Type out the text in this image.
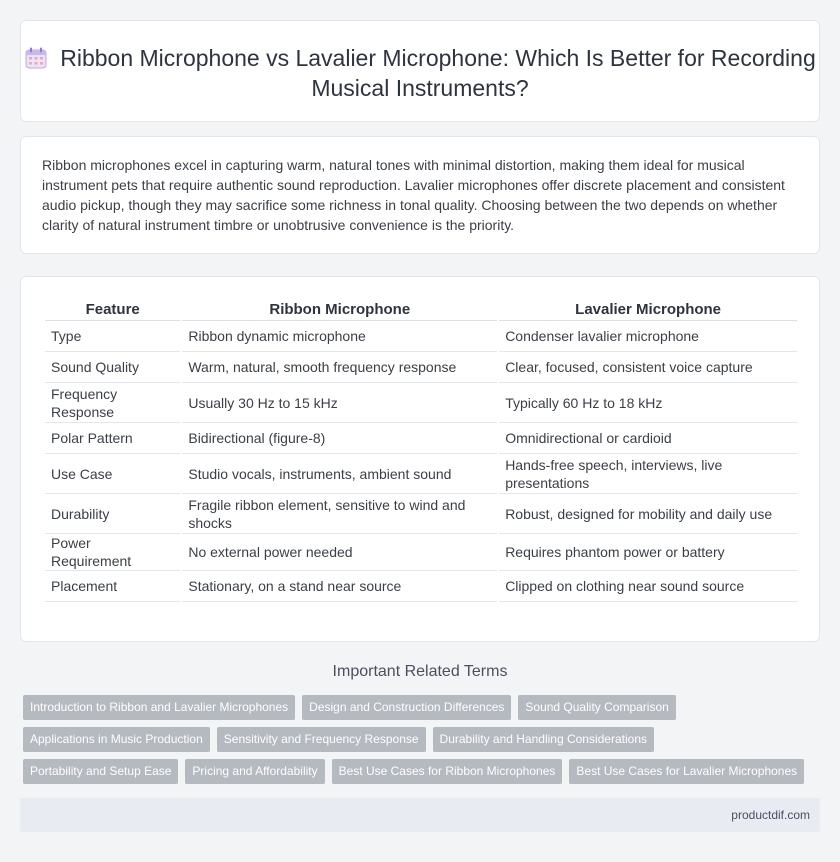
Ribbon Microphone vs Lavalier Microphone: Which Is Better for Recording Musical Instruments?

Ribbon microphones excel in capturing warm, natural tones with minimal distortion, making them ideal for musical instrument pets that require authentic sound reproduction. Lavalier microphones offer discrete placement and consistent audio pickup, though they may sacrifice some richness in tonal quality. Choosing between the two depends on whether clarity of natural instrument timbre or unobtrusive convenience is the priority.

Feature	Ribbon Microphone	Lavalier Microphone
Type	Ribbon dynamic microphone	Condenser lavalier microphone
Sound Quality	Warm, natural, smooth frequency response	Clear, focused, consistent voice capture
Frequency Response	Usually 30 Hz to 15 kHz	Typically 60 Hz to 18 kHz
Polar Pattern	Bidirectional (figure-8)	Omnidirectional or cardioid
Use Case	Studio vocals, instruments, ambient sound	Hands-free speech, interviews, live presentations
Durability	Fragile ribbon element, sensitive to wind and shocks	Robust, designed for mobility and daily use
Power Requirement	No external power needed	Requires phantom power or battery
Placement	Stationary, on a stand near source	Clipped on clothing near sound source
Important Related Terms
Introduction to Ribbon and Lavalier Microphones	Design and Construction Differences	Sound Quality Comparison
Applications in Music Production	Sensitivity and Frequency Response	Durability and Handling Considerations
Portability and Setup Ease	Pricing and Affordability	Best Use Cases for Ribbon Microphones	Best Use Cases for Lavalier Microphones
productdif.com
